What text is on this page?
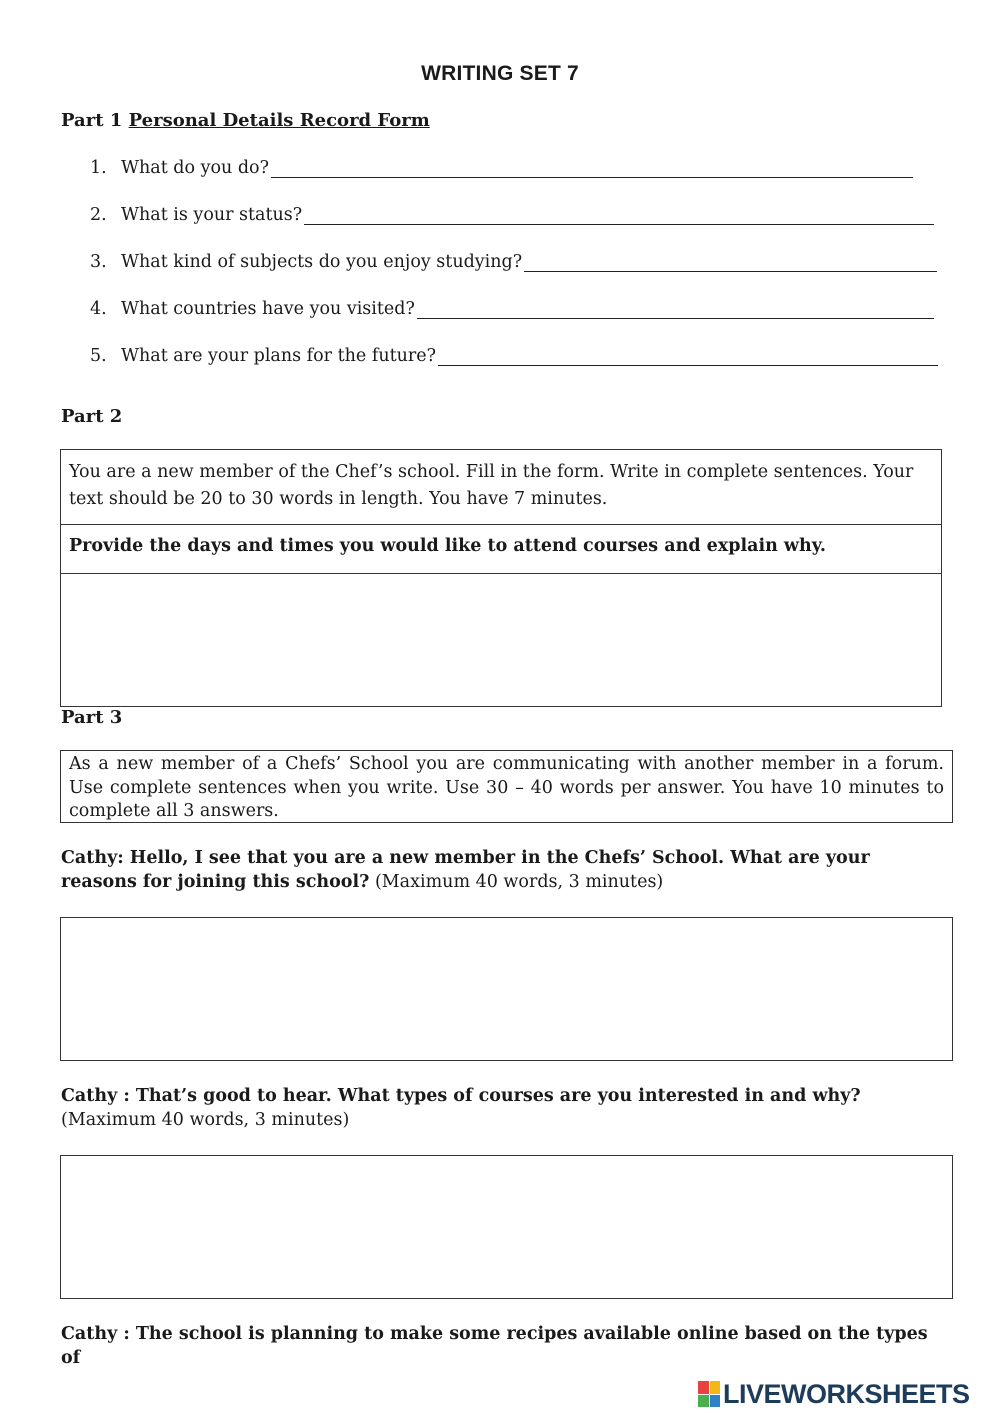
WRITING SET 7
Part 1 Personal Details Record Form
1. What do you do?
2. What is your status?
3. What kind of subjects do you enjoy studying?
4. What countries have you visited?
5. What are your plans for the future?
Part 2
You are a new member of the Chef’s school. Fill in the form. Write in complete sentences. Your text should be 20 to 30 words in length. You have 7 minutes.
Provide the days and times you would like to attend courses and explain why.
Part 3
As a new member of a Chefs’ School you are communicating with another member in a forum. Use complete sentences when you write. Use 30 – 40 words per answer. You have 10 minutes to complete all 3 answers.
Cathy: Hello, I see that you are a new member in the Chefs’ School. What are your reasons for joining this school? (Maximum 40 words, 3 minutes)
Cathy : That’s good to hear. What types of courses are you interested in and why?
(Maximum 40 words, 3 minutes)
Cathy : The school is planning to make some recipes available online based on the types of
LIVEWORKSHEETS
